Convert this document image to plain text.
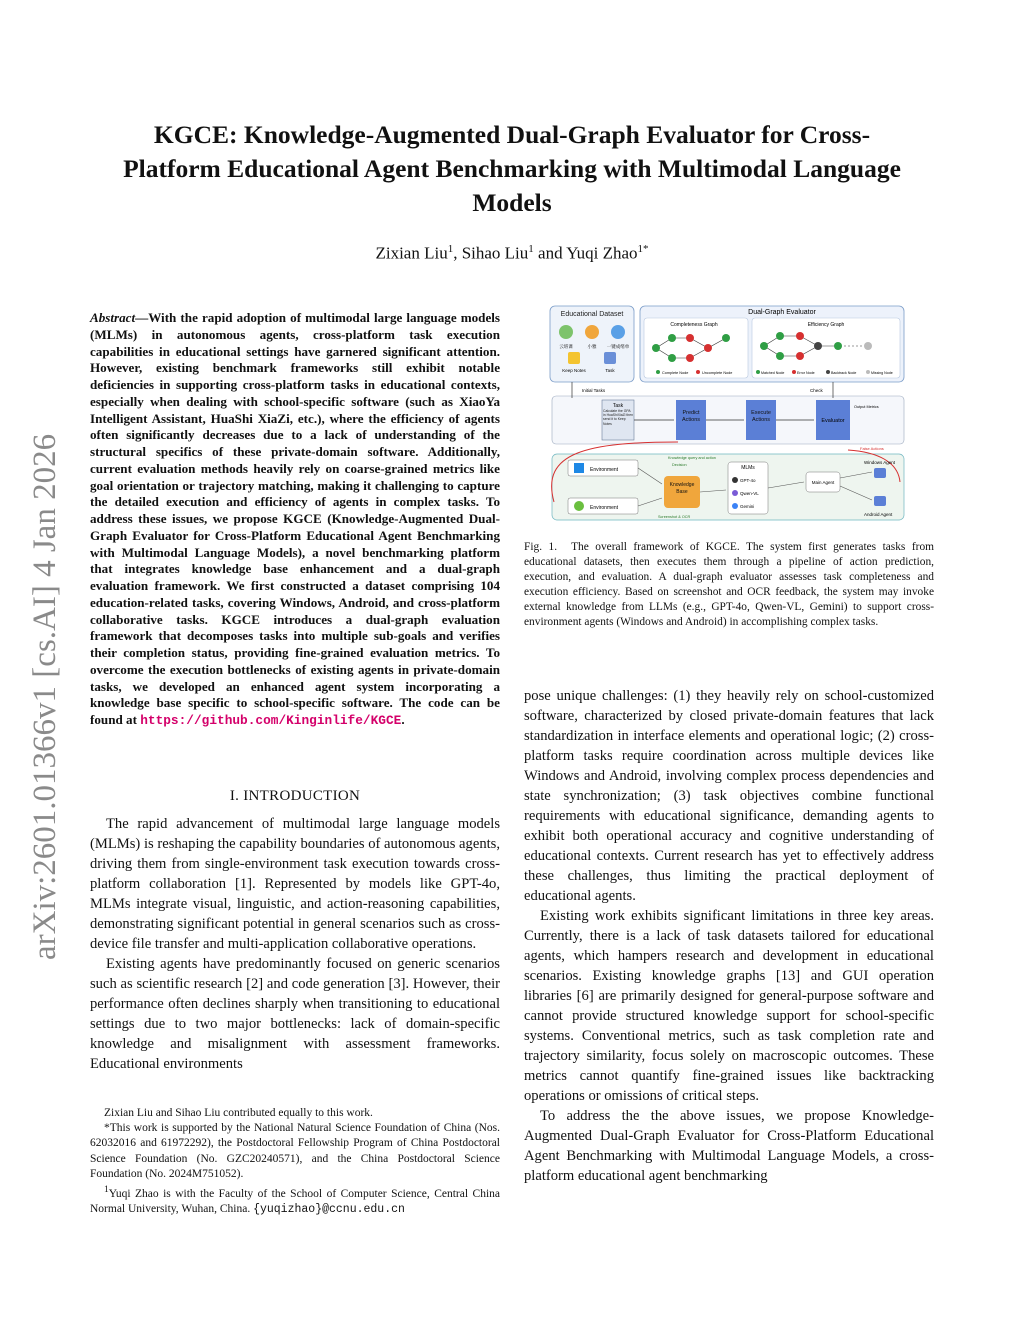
KGCE: Knowledge-Augmented Dual-Graph Evaluator for Cross-Platform Educational Agent Benchmarking with Multimodal Language Models
Zixian Liu$^1$, Sihao Liu$^1$ and Yuqi Zhao$^{1*}$
arXiv:2601.01366v1 [cs.AI] 4 Jan 2026

Abstract—With the rapid adoption of multimodal large language models (MLMs) in autonomous agents, cross-platform task execution capabilities in educational settings have garnered significant attention. However, existing benchmark frameworks still exhibit notable deficiencies in supporting cross-platform tasks in educational contexts, especially when dealing with school-specific software (such as XiaoYa Intelligent Assistant, HuaShi XiaZi, etc.), where the efficiency of agents often significantly decreases due to a lack of understanding of the structural specifics of these private-domain software. Additionally, current evaluation methods heavily rely on coarse-grained metrics like goal orientation or trajectory matching, making it challenging to capture the detailed execution and efficiency of agents in complex tasks. To address these issues, we propose KGCE (Knowledge-Augmented Dual-Graph Evaluator for Cross-Platform Educational Agent Benchmarking with Multimodal Language Models), a novel benchmarking platform that integrates knowledge base enhancement and a dual-graph evaluation framework. We first constructed a dataset comprising 104 education-related tasks, covering Windows, Android, and cross-platform collaborative tasks. KGCE introduces a dual-graph evaluation framework that decomposes tasks into multiple sub-goals and verifies their completion status, providing fine-grained evaluation metrics. To overcome the execution bottlenecks of existing agents in private-domain tasks, we developed an enhanced agent system incorporating a knowledge base specific to school-specific software. The code can be found at https://github.com/Kinginlife/KGCE.

I. INTRODUCTION

The rapid advancement of multimodal large language models (MLMs) is reshaping the capability boundaries of autonomous agents, driving them from single-environment task execution towards cross-platform collaboration [1]. Represented by models like GPT-4o, MLMs integrate visual, linguistic, and action-reasoning capabilities, demonstrating significant potential in general scenarios such as cross-device file transfer and multi-application collaborative operations.

Existing agents have predominantly focused on generic scenarios such as scientific research [2] and code generation [3]. However, their performance often declines sharply when transitioning to educational settings due to two major bottlenecks: lack of domain-specific knowledge and misalignment with assessment frameworks. Educational environments

Zixian Liu and Sihao Liu contributed equally to this work.

*This work is supported by the National Natural Science Foundation of China (Nos. 62032016 and 61972292), the Postdoctoral Fellowship Program of China Postdoctoral Science Foundation (No. GZC20240571), and the China Postdoctoral Science Foundation (No. 2024M751052).

$^1$Yuqi Zhao is with the Faculty of the School of Computer Science, Central China Normal University, Wuhan, China. {yuqizhao}@ccnu.edu.cn

pose unique challenges: (1) they heavily rely on school-customized software, characterized by closed private-domain features that lack standardization in interface elements and operational logic; (2) cross-platform tasks require coordination across multiple devices like Windows and Android, involving complex process dependencies and state synchronization; (3) task objectives combine functional requirements with educational significance, demanding agents to exhibit both operational accuracy and cognitive understanding of educational contexts. Current research has yet to effectively address these challenges, thus limiting the practical deployment of educational agents.

Existing work exhibits significant limitations in three key areas. Currently, there is a lack of task datasets tailored for educational agents, which hampers research and development in educational scenarios. Existing knowledge graphs [13] and GUI operation libraries [6] are primarily designed for general-purpose software and cannot provide structured knowledge support for school-specific systems. Conventional metrics, such as task completion rate and trajectory similarity, focus solely on macroscopic outcomes. These metrics cannot quantify fine-grained issues like backtracking operations or omissions of critical steps.

To address the the above issues, we propose Knowledge-Augmented Dual-Graph Evaluator for Cross-Platform Educational Agent Benchmarking with Multimodal Language Models, a cross-platform educational agent benchmarking

Educational Dataset
云班课	小雅 一键成绪单
Keep Notes	Task
Dual-Graph Evaluator
Completeness Graph
Complete Node	Uncomplete Node
Efficiency Graph
Matched Node	Error Node	Backtrack Node	Missing Node
Initial Tasks	Check
Task
Calculate the GPA in HuaShiXiaZi then send it to Keep Notes
Predict Actions
Execute Actions	Evaluator
Output Metrics
False Actions
Knowledge query and action
Decision
Environment
Environment
Knowledge Base
MLMs
GPT-4o
Qwen-VL
Gemini
Main Agent
Windows Agent
Android Agent
Screenshot & OCR

Fig. 1. The overall framework of KGCE. The system first generates tasks from educational datasets, then executes them through a pipeline of action prediction, execution, and evaluation. A dual-graph evaluator assesses task completeness and execution efficiency. Based on screenshot and OCR feedback, the system may invoke external knowledge from LLMs (e.g., GPT-4o, Qwen-VL, Gemini) to support cross-environment agents (Windows and Android) in accomplishing complex tasks.
